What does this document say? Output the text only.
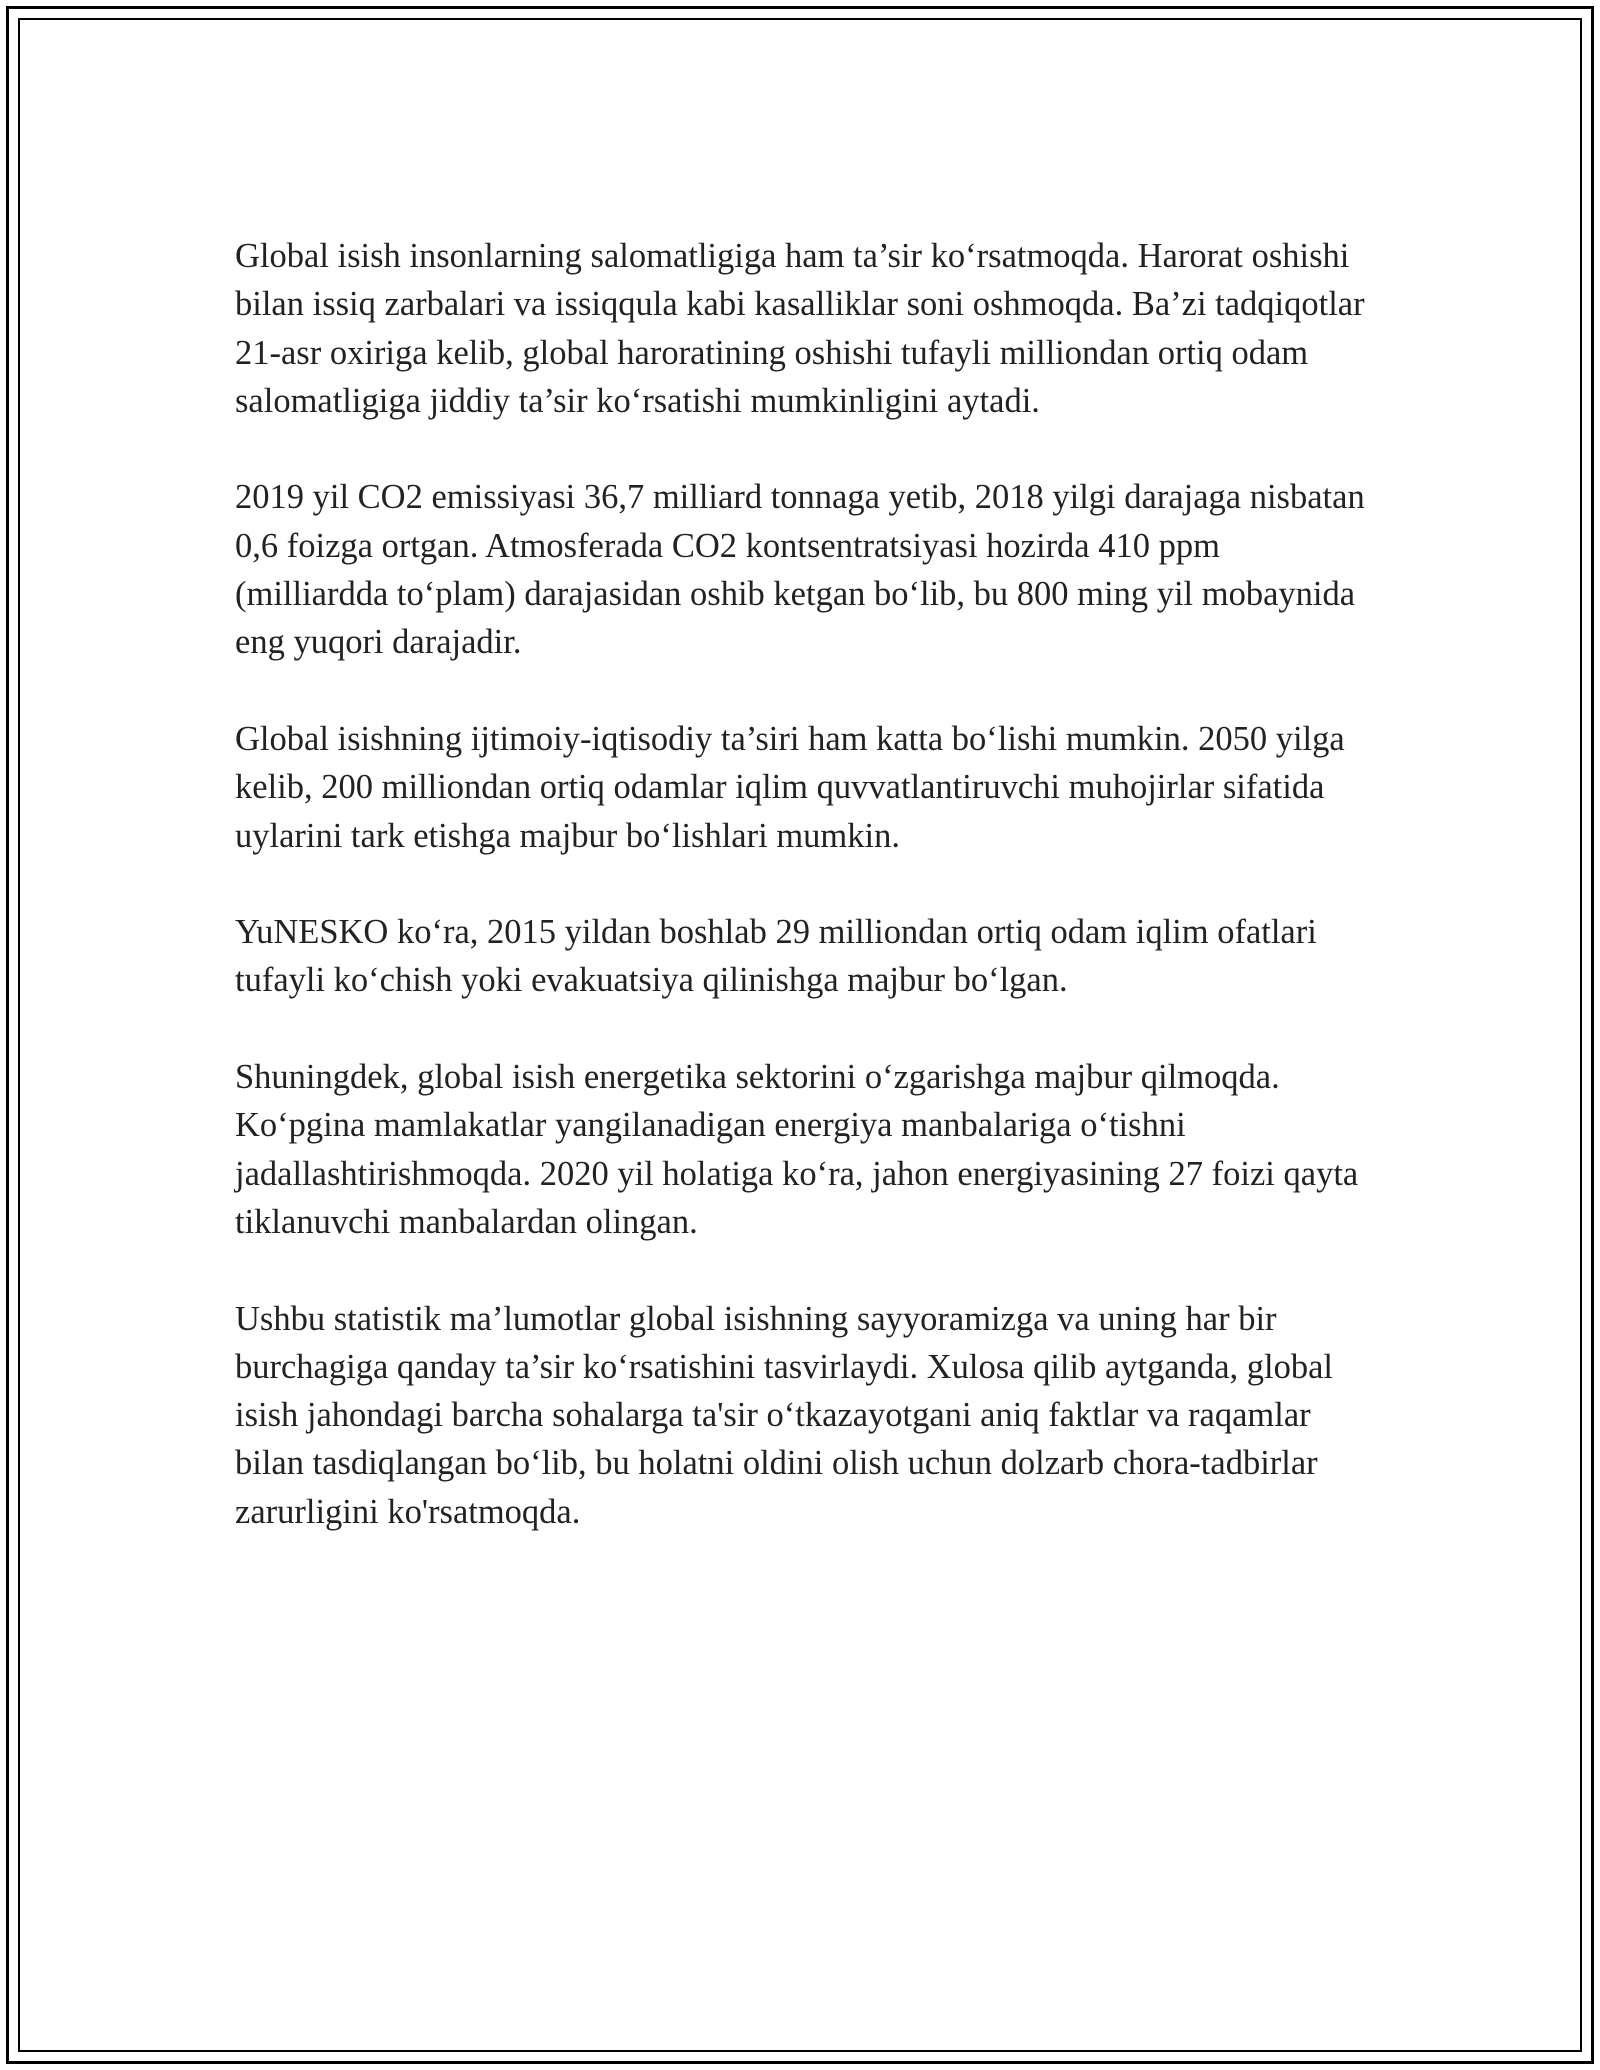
Global isish insonlarning salomatligiga ham ta’sir ko‘rsatmoqda. Harorat oshishi bilan issiq zarbalari va issiqqula kabi kasalliklar soni oshmoqda. Ba’zi tadqiqotlar 21-asr oxiriga kelib, global haroratining oshishi tufayli milliondan ortiq odam salomatligiga jiddiy ta’sir ko‘rsatishi mumkinligini aytadi.

2019 yil CO2 emissiyasi 36,7 milliard tonnaga yetib, 2018 yilgi darajaga nisbatan 0,6 foizga ortgan. Atmosferada CO2 kontsentratsiyasi hozirda 410 ppm (milliardda to‘plam) darajasidan oshib ketgan bo‘lib, bu 800 ming yil mobaynida eng yuqori darajadir.

Global isishning ijtimoiy-iqtisodiy ta’siri ham katta bo‘lishi mumkin. 2050 yilga kelib, 200 milliondan ortiq odamlar iqlim quvvatlantiruvchi muhojirlar sifatida uylarini tark etishga majbur bo‘lishlari mumkin.

YuNESKO ko‘ra, 2015 yildan boshlab 29 milliondan ortiq odam iqlim ofatlari tufayli ko‘chish yoki evakuatsiya qilinishga majbur bo‘lgan.

Shuningdek, global isish energetika sektorini o‘zgarishga majbur qilmoqda. Ko‘pgina mamlakatlar yangilanadigan energiya manbalariga o‘tishni jadallashtirishmoqda. 2020 yil holatiga ko‘ra, jahon energiyasining 27 foizi qayta tiklanuvchi manbalardan olingan.

Ushbu statistik ma’lumotlar global isishning sayyoramizga va uning har bir burchagiga qanday ta’sir ko‘rsatishini tasvirlaydi. Xulosa qilib aytganda, global isish jahondagi barcha sohalarga ta'sir o‘tkazayotgani aniq faktlar va raqamlar bilan tasdiqlangan bo‘lib, bu holatni oldini olish uchun dolzarb chora-tadbirlar zarurligini ko'rsatmoqda.
